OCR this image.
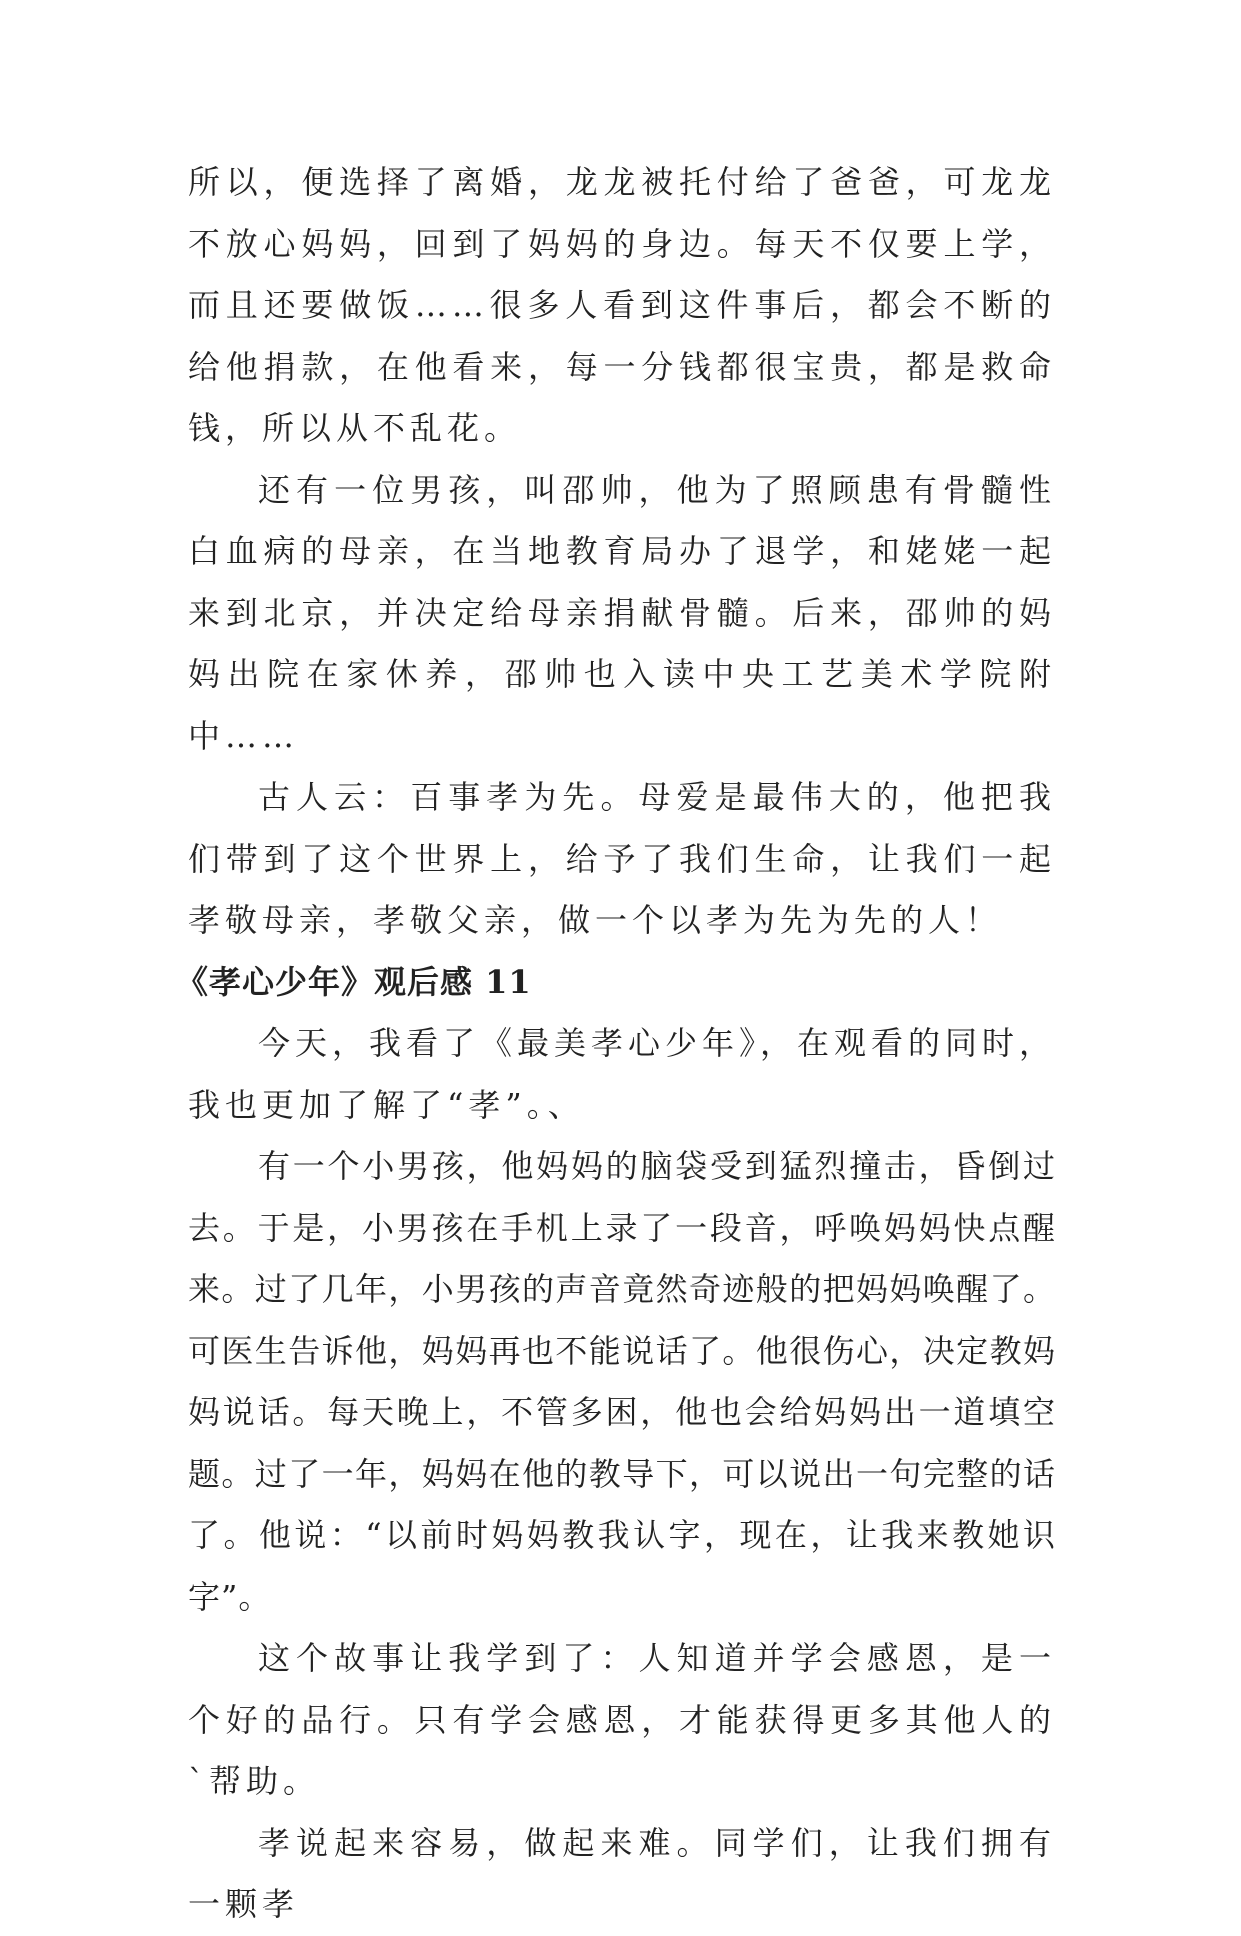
所以，便选择了离婚，龙龙被托付给了爸爸，可龙龙不放心妈妈，回到了妈妈的身边。每天不仅要上学，而且还要做饭……很多人看到这件事后，都会不断的给他捐款，在他看来，每一分钱都很宝贵，都是救命钱，所以从不乱花。

还有一位男孩，叫邵帅，他为了照顾患有骨髓性白血病的母亲，在当地教育局办了退学，和姥姥一起来到北京，并决定给母亲捐献骨髓。后来，邵帅的妈妈出院在家休养，邵帅也入读中央工艺美术学院附中……

古人云：百事孝为先。母爱是最伟大的，他把我们带到了这个世界上，给予了我们生命，让我们一起孝敬母亲，孝敬父亲，做一个以孝为先为先的人！

《孝心少年》观后感 11

今天，我看了《最美孝心少年》，在观看的同时，我也更加了解了“孝”。、

有一个小男孩，他妈妈的脑袋受到猛烈撞击，昏倒过去。于是，小男孩在手机上录了一段音，呼唤妈妈快点醒来。过了几年，小男孩的声音竟然奇迹般的把妈妈唤醒了。可医生告诉他，妈妈再也不能说话了。他很伤心，决定教妈妈说话。每天晚上，不管多困，他也会给妈妈出一道填空题。过了一年，妈妈在他的教导下，可以说出一句完整的话了。他说：“以前时妈妈教我认字，现在，让我来教她识字”。

这个故事让我学到了：人知道并学会感恩，是一个好的品行。只有学会感恩，才能获得更多其他人的`帮助。

孝说起来容易，做起来难。同学们，让我们拥有一颗孝
